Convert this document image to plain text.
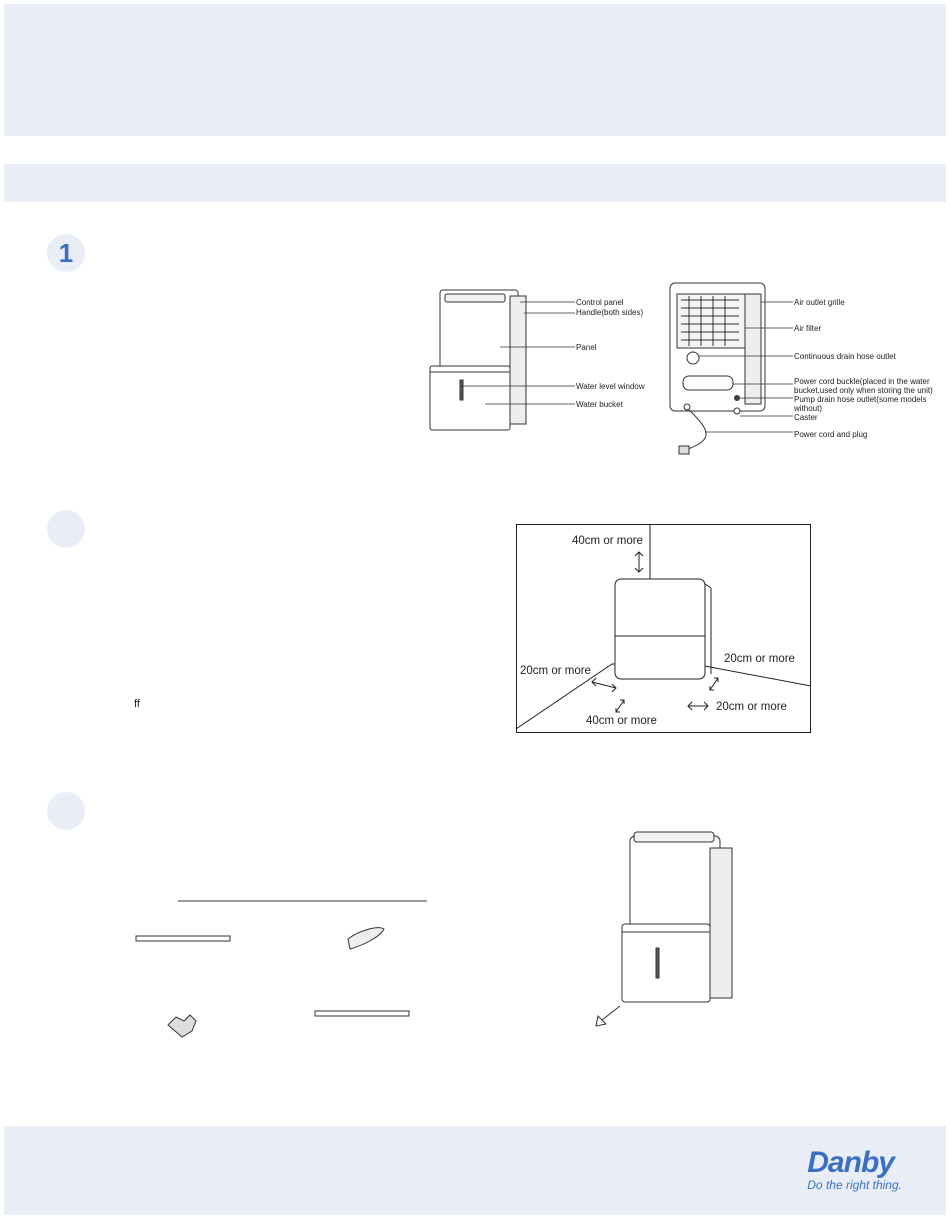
1
Control panel
Handle(both sides)
Panel
Water level window
Water bucket
Air outlet grille
Air filter
Continuous drain hose outlet
Power cord buckle(placed in the water
bucket,used only when storing the unit)
Pump drain hose outlet(some models
without)
Caster
Power cord and plug
40cm or more
20cm or more
20cm or more
40cm or more
20cm or more
ff
Danby
Do the right thing.
